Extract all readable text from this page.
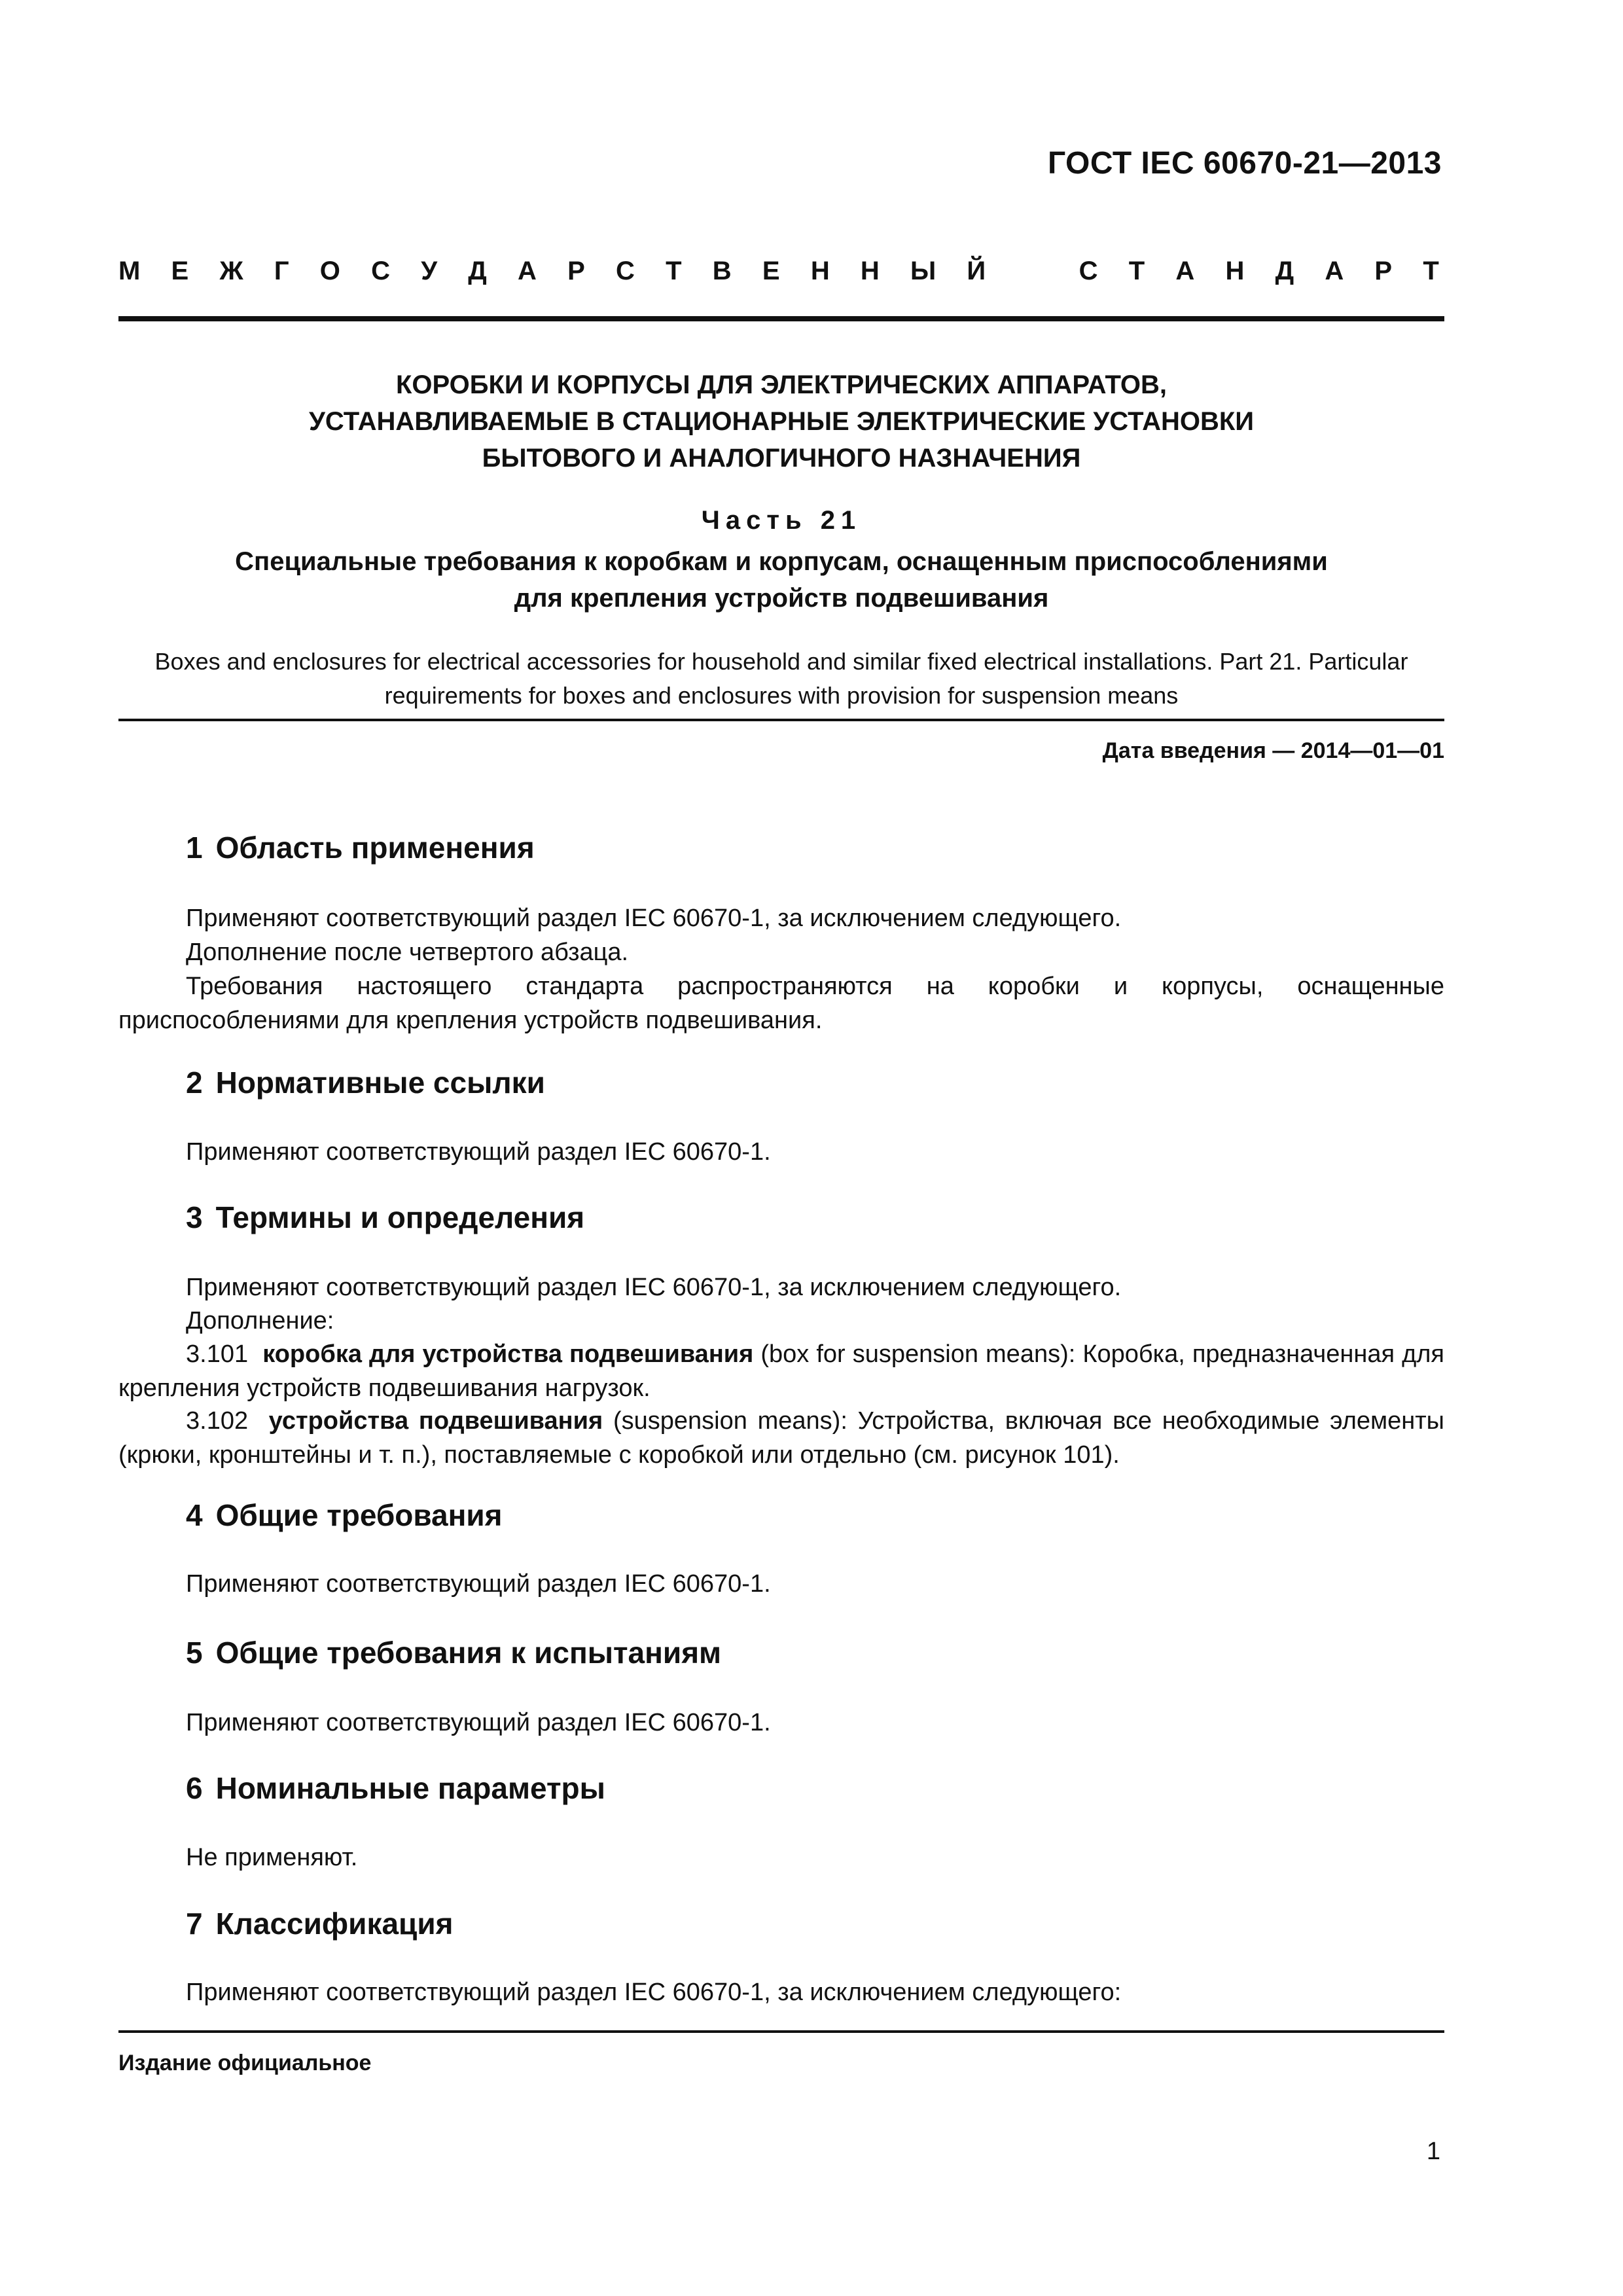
ГОСТ IEC 60670-21—2013
М Е Ж Г О С У Д А Р С Т В Е Н Н Ы Й	С Т А Н Д А Р Т
КОРОБКИ И КОРПУСЫ ДЛЯ ЭЛЕКТРИЧЕСКИХ АППАРАТОВ,
УСТАНАВЛИВАЕМЫЕ В СТАЦИОНАРНЫЕ ЭЛЕКТРИЧЕСКИЕ УСТАНОВКИ
БЫТОВОГО И АНАЛОГИЧНОГО НАЗНАЧЕНИЯ
Часть 21
Специальные требования к коробкам и корпусам, оснащенным приспособлениями
для крепления устройств подвешивания
Boxes and enclosures for electrical accessories for household and similar fixed electrical installations. Part 21. Particular
requirements for boxes and enclosures with provision for suspension means
Дата введения — 2014—01—01
1 Область применения

Применяют соответствующий раздел IEC 60670-1, за исключением следующего.

Дополнение после четвертого абзаца.

Требования настоящего стандарта распространяются на коробки и корпусы, оснащенные приспособлениями для крепления устройств подвешивания.

2 Нормативные ссылки

Применяют соответствующий раздел IEC 60670-1.

3 Термины и определения

Применяют соответствующий раздел IEC 60670-1, за исключением следующего.

Дополнение:

3.101 коробка для устройства подвешивания (box for suspension means): Коробка, предназначенная для крепления устройств подвешивания нагрузок.

3.102 устройства подвешивания (suspension means): Устройства, включая все необходимые элементы (крюки, кронштейны и т. п.), поставляемые с коробкой или отдельно (см. рисунок 101).

4 Общие требования

Применяют соответствующий раздел IEC 60670-1.

5 Общие требования к испытаниям

Применяют соответствующий раздел IEC 60670-1.

6 Номинальные параметры

Не применяют.

7 Классификация

Применяют соответствующий раздел IEC 60670-1, за исключением следующего:

Издание официальное
1
